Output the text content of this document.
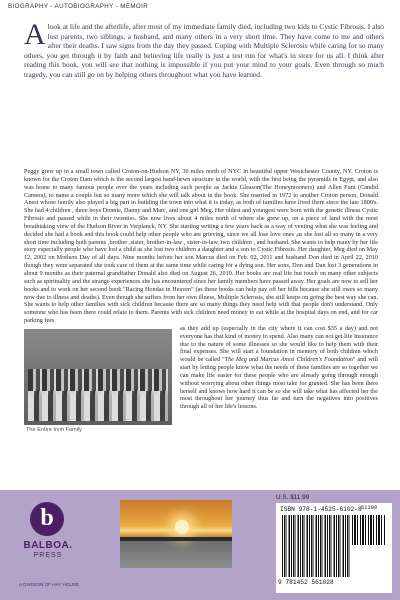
BIOGRAPHY - AUTOBIOGRAPHY - MEMOIR
A look at life and the afterlife, after most of my immediate family died, including two kids to Cystic Fibrosis. I also lost parents, two siblings, a husband, and many others in a very short time. They have come to me and others after their deaths. I saw signs from the day they passed. Coping with Multiple Sclerosis while caring for so many others, you get through it by faith and believing life really is just a test run for what's in store for us all. I think after reading this book, you will see that nothing is impossible if you put your mind to your goals. Even through so much tragedy, you can still go on by helping others throughout what you have learned.

Peggy grew up in a small town called Croton-on-Hudson NY, 30 miles north of NYC in beautiful upper Westchester County, NY. Croton is known for the Croton Dam which is the second largest hand-hewn structure in the world, with the first being the pyramids in Egypt, and also was home to many famous people over the years including such people as Jackie Gleason(The Honeymooners) and Allen Funt (Candid Camera), to name a couple but so many more which she will talk about in the book. She married in 1972 to another Croton person, Donald Anesi whose family also played a big part in building the town into what it is today, as both of families have lived there since the late 1800's. She had 4 children , three boys Donnie, Danny and Marc, and one girl Meg. Her oldest and youngest were born with the genetic illness Cystic Fibrosis and passed while in their twenties. She now lives about 4 miles north of where she grew up, on a piece of land with the most breathtaking view of the Hudson River in Verplanck, NY. She starting writing a few years back as a way of venting what she was feeling and decided she had a book and this book could help other people who are grieving, since we all lose love ones ,as she lost all so many in a very short time including both parents ,brother ,sister, brother-in-law , sister-in-law, two children , and husband. She wants to help many by her life story especially people who have lost a child as she lost two children a daughter and a son to Cystic Fibrosis. Her daughter, Meg died on May 12, 2002 on Mothers Day of all days. Nine months before her son Marcus died on Feb. 02, 2011 and husband Don died in April 22, 2010 though they were separated she took care of them at the same time while caring for a dying son. Her sons, Don and Dan lost 3 generations in about 9 months as their paternal grandfather Donald also died on August 26, 2010. Her books are real life but touch on many other subjects such as spirituality and the strange experiences she has encountered since her family members have passed away. Her goals are now to sell her books and to work on her second book "Racing Hondas in Heaven" (as these books can help pay off her bills because she still owes so many now due to illness and deaths). Even though she suffers from her own illness, Multiple Sclerosis, she still keeps on going the best way she can. She wants to help other families with sick children because there are so many things they need help with that people don't understand. Only someone who has been there could relate to them. Parents with sick children need money to eat while at the hospital days on end, and for car parking fees

The Entire Irvin Family
as they add up (especially in the city where it can cost $35 a day) and not everyone has that kind of money to spend. Also many can not get life Insurance due to the nature of some illnesses so she would like to help them with their final expenses. She will start a foundation in memory of both children which would be called "The Meg and Marcus Anesi Children's Foundation" and will start by letting people know what the needs of these families are so together we can make life easier for these people who are already going through enough without worrying about other things most take for granted. She has been there herself and knows how hard it can be so she will take what has affected her the most throughout her journey thus far and turn the negatives into positives through all of her life's lessons.

b
BALBOA.
PRESS
A DIVISION OF HAY HOUSE
U.S. $11.99
ISBN 978-1-4525-6102-8 51199
9 781452 561028
